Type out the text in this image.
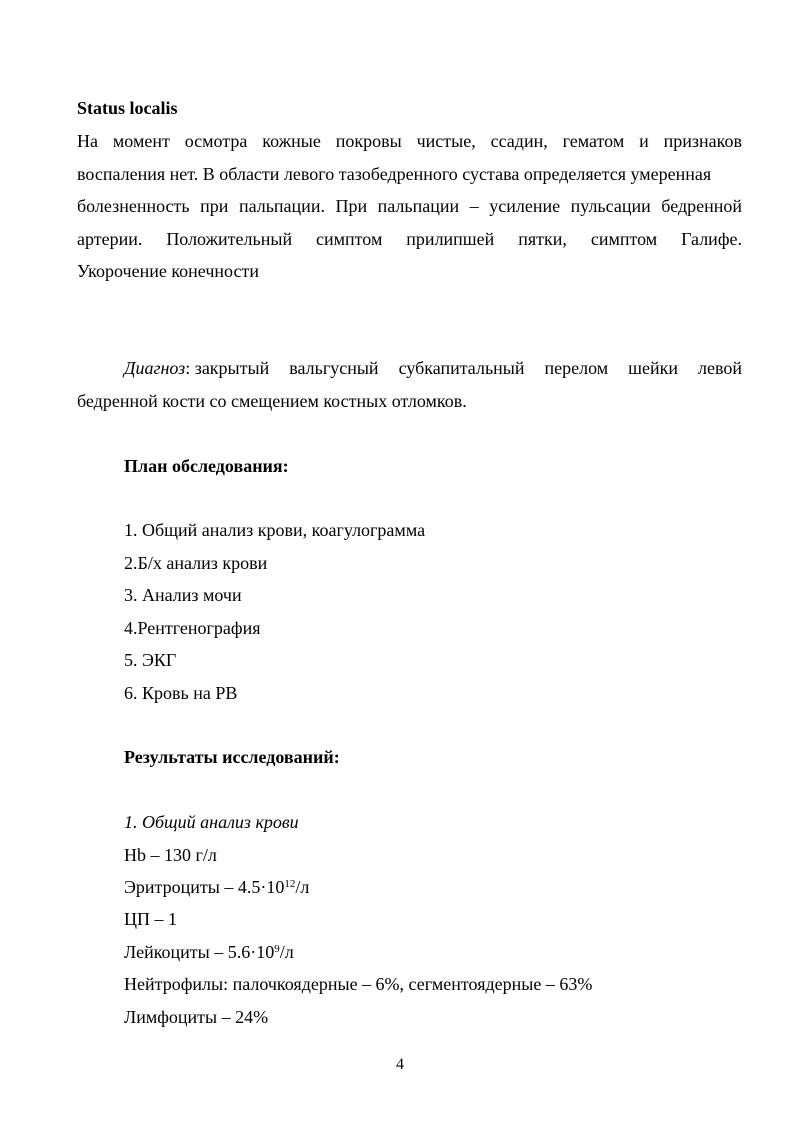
Status localis
На момент осмотра кожные покровы чистые, ссадин, гематом и признаков
воспаления нет. В области левого тазобедренного сустава определяется умеренная
болезненность при пальпации. При пальпации – усиление пульсации бедренной
артерии. Положительный симптом прилипшей пятки, симптом Галифе.
Укорочение конечности
Диагноз: закрытый вальгусный субкапитальный перелом шейки левой
бедренной кости со смещением костных отломков.
План обследования:
1. Общий анализ крови, коагулограмма
2.Б/х анализ крови
3. Анализ мочи
4.Рентгенография
5. ЭКГ
6. Кровь на РВ
Результаты исследований:
1. Общий анализ крови
Hb – 130 г/л
Эритроциты – $4.5\cdot 10^{12}/л$
ЦП – 1
Лейкоциты – $5.6\cdot 10^9/л$
Нейтрофилы: палочкоядерные – 6%, сегментоядерные – 63%
Лимфоциты – 24%
4
